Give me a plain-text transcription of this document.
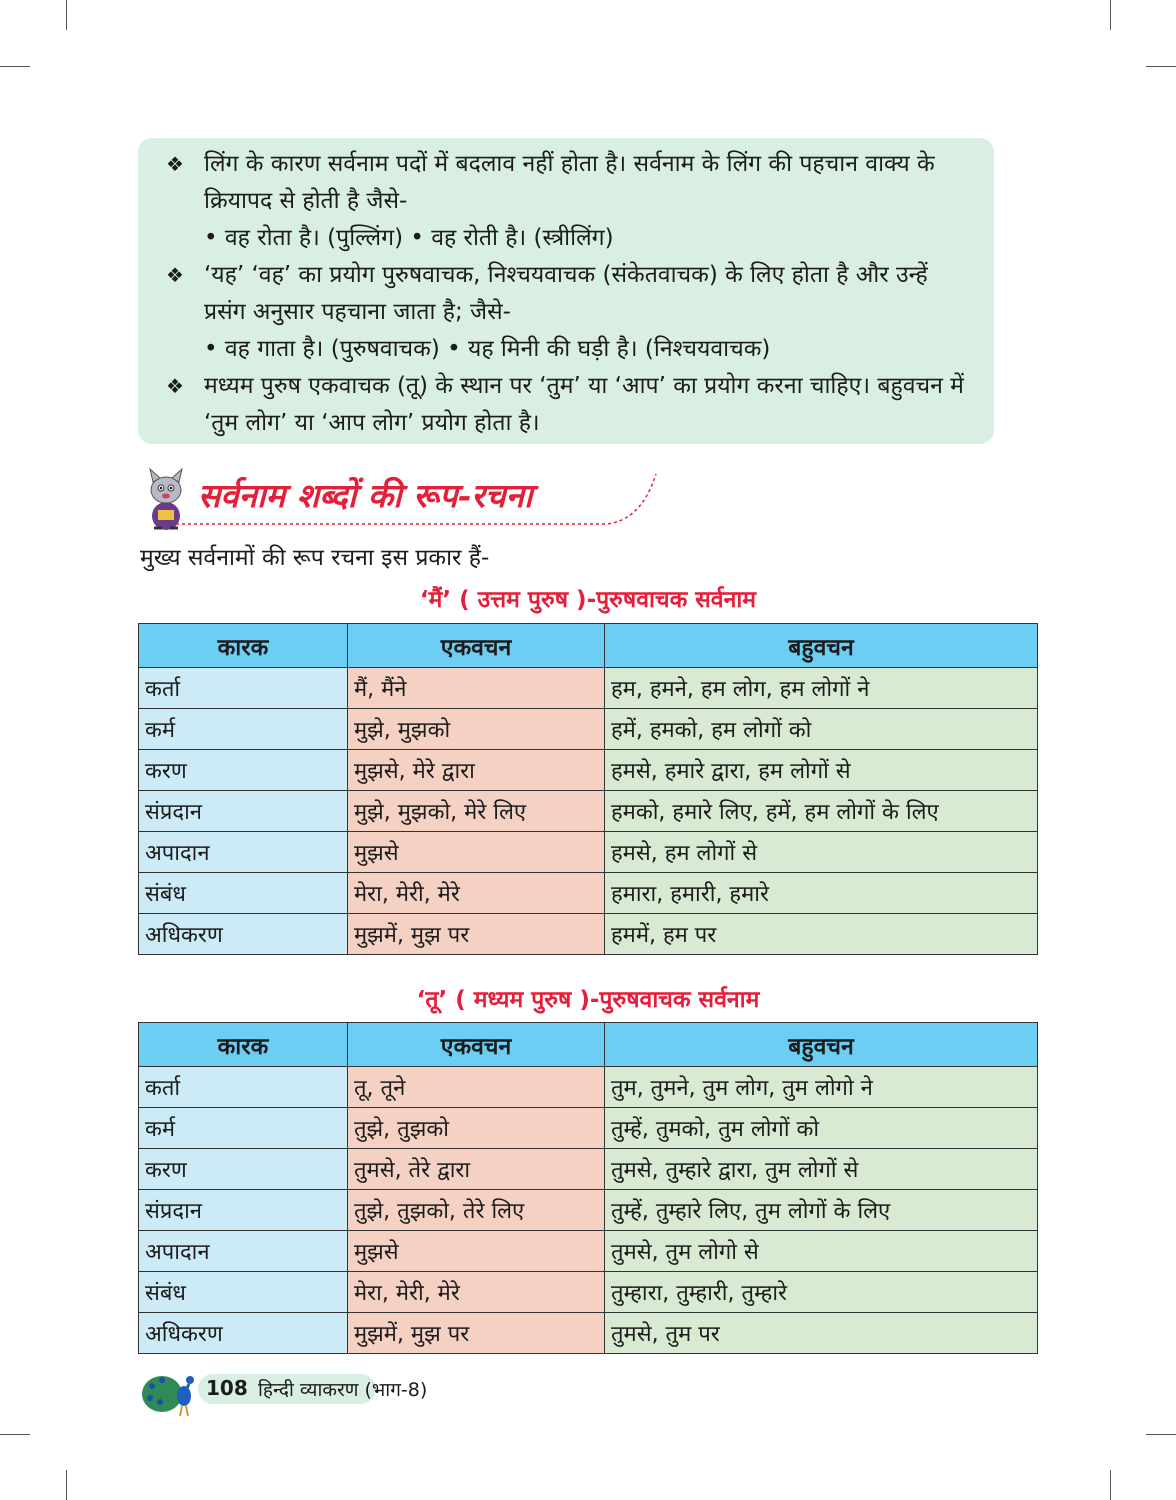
❖ लिंग के कारण सर्वनाम पदों में बदलाव नहीं होता है। सर्वनाम के लिंग की पहचान वाक्य के क्रियापद से होती है जैसे-
• वह रोता है। (पुल्लिंग) • वह रोती है। (स्त्रीलिंग)
❖ ‘यह’ ‘वह’ का प्रयोग पुरुषवाचक, निश्चयवाचक (संकेतवाचक) के लिए होता है और उन्हें प्रसंग अनुसार पहचाना जाता है; जैसे-
• वह गाता है। (पुरुषवाचक) • यह मिनी की घड़ी है। (निश्चयवाचक)
❖ मध्यम पुरुष एकवाचक (तू) के स्थान पर ‘तुम’ या ‘आप’ का प्रयोग करना चाहिए। बहुवचन में ‘तुम लोग’ या ‘आप लोग’ प्रयोग होता है।
सर्वनाम शब्दों की रूप-रचना
मुख्य सर्वनामों की रूप रचना इस प्रकार हैं-
‘मैं’ ( उत्तम पुरुष )-पुरुषवाचक सर्वनाम
कारक	एकवचन	बहुवचन
कर्ता	मैं, मैंने	हम, हमने, हम लोग, हम लोगों ने
कर्म	मुझे, मुझको	हमें, हमको, हम लोगों को
करण	मुझसे, मेरे द्वारा	हमसे, हमारे द्वारा, हम लोगों से
संप्रदान	मुझे, मुझको, मेरे लिए	हमको, हमारे लिए, हमें, हम लोगों के लिए
अपादान	मुझसे	हमसे, हम लोगों से
संबंध	मेरा, मेरी, मेरे	हमारा, हमारी, हमारे
अधिकरण	मुझमें, मुझ पर	हममें, हम पर
‘तू’ ( मध्यम पुरुष )-पुरुषवाचक सर्वनाम
कारक	एकवचन	बहुवचन
कर्ता	तू, तूने	तुम, तुमने, तुम लोग, तुम लोगो ने
कर्म	तुझे, तुझको	तुम्हें, तुमको, तुम लोगों को
करण	तुमसे, तेरे द्वारा	तुमसे, तुम्हारे द्वारा, तुम लोगों से
संप्रदान	तुझे, तुझको, तेरे लिए	तुम्हें, तुम्हारे लिए, तुम लोगों के लिए
अपादान	मुझसे	तुमसे, तुम लोगो से
संबंध	मेरा, मेरी, मेरे	तुम्हारा, तुम्हारी, तुम्हारे
अधिकरण	मुझमें, मुझ पर	तुमसे, तुम पर
108 हिन्दी व्याकरण (भाग-8)
